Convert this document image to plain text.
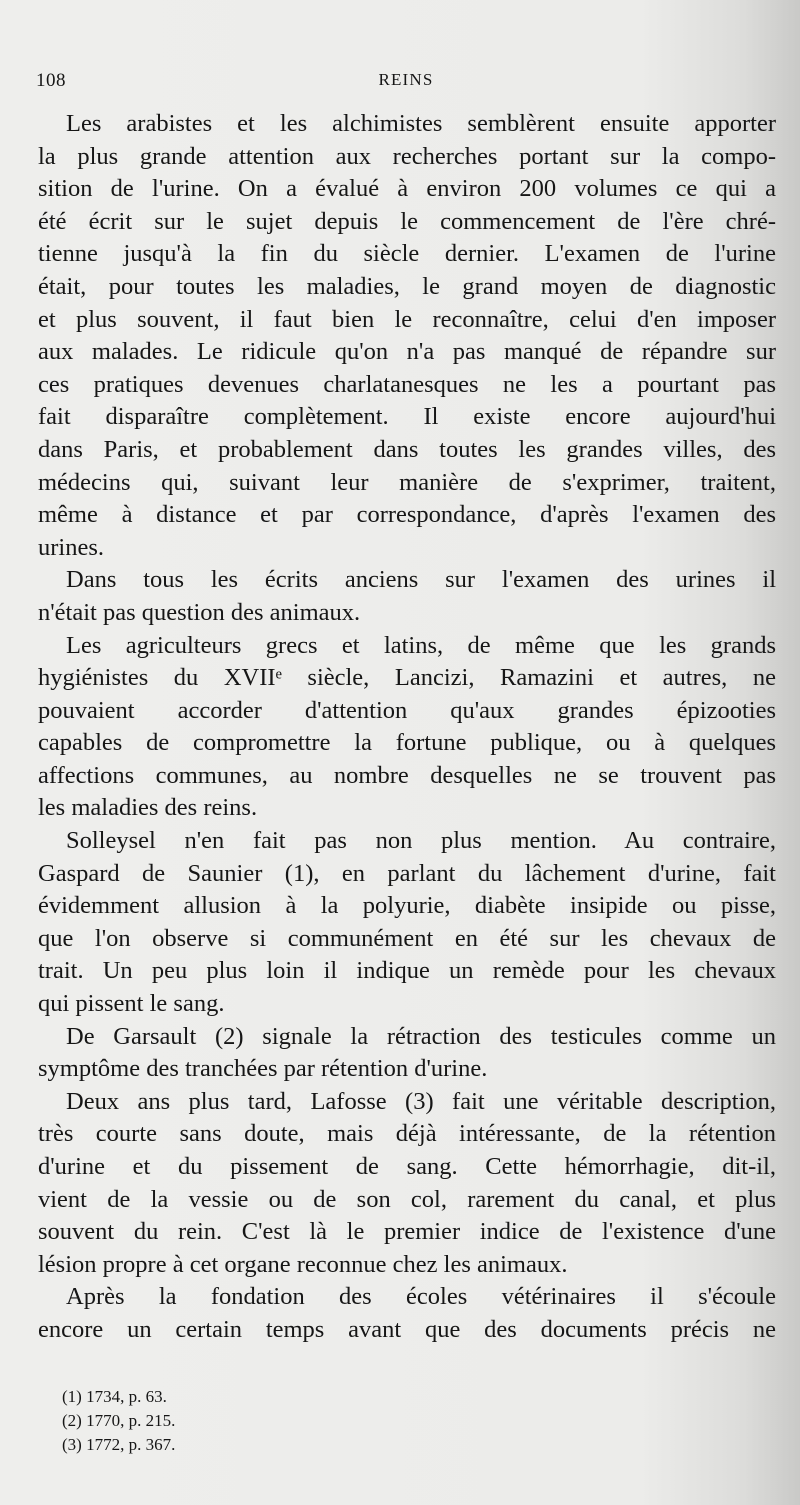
108	REINS
Les arabistes et les alchimistes semblèrent ensuite apporter
la plus grande attention aux recherches portant sur la compo-
sition de l'urine. On a évalué à environ 200 volumes ce qui a
été écrit sur le sujet depuis le commencement de l'ère chré-
tienne jusqu'à la fin du siècle dernier. L'examen de l'urine
était, pour toutes les maladies, le grand moyen de diagnostic
et plus souvent, il faut bien le reconnaître, celui d'en imposer
aux malades. Le ridicule qu'on n'a pas manqué de répandre sur
ces pratiques devenues charlatanesques ne les a pourtant pas
fait disparaître complètement. Il existe encore aujourd'hui
dans Paris, et probablement dans toutes les grandes villes, des
médecins qui, suivant leur manière de s'exprimer, traitent,
même à distance et par correspondance, d'après l'examen des
urines.
Dans tous les écrits anciens sur l'examen des urines il
n'était pas question des animaux.
Les agriculteurs grecs et latins, de même que les grands
hygiénistes du XVIIᵉ siècle, Lancizi, Ramazini et autres, ne
pouvaient accorder d'attention qu'aux grandes épizooties
capables de compromettre la fortune publique, ou à quelques
affections communes, au nombre desquelles ne se trouvent pas
les maladies des reins.
Solleysel n'en fait pas non plus mention. Au contraire,
Gaspard de Saunier (1), en parlant du lâchement d'urine, fait
évidemment allusion à la polyurie, diabète insipide ou pisse,
que l'on observe si communément en été sur les chevaux de
trait. Un peu plus loin il indique un remède pour les chevaux
qui pissent le sang.
De Garsault (2) signale la rétraction des testicules comme un
symptôme des tranchées par rétention d'urine.
Deux ans plus tard, Lafosse (3) fait une véritable description,
très courte sans doute, mais déjà intéressante, de la rétention
d'urine et du pissement de sang. Cette hémorrhagie, dit-il,
vient de la vessie ou de son col, rarement du canal, et plus
souvent du rein. C'est là le premier indice de l'existence d'une
lésion propre à cet organe reconnue chez les animaux.
Après la fondation des écoles vétérinaires il s'écoule
encore un certain temps avant que des documents précis ne
(1) 1734, p. 63.
(2) 1770, p. 215.
(3) 1772, p. 367.
